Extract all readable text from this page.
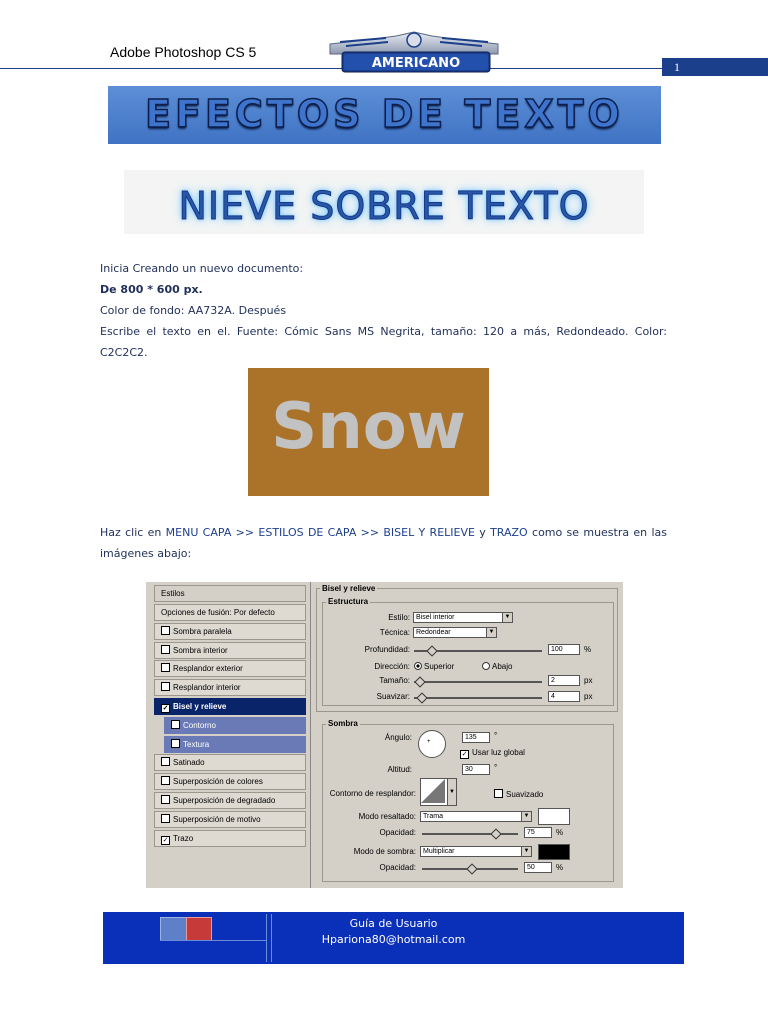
Adobe Photoshop CS 5
1
AMERICANO
EFECTOS DE TEXTO
NIEVE SOBRE TEXTO
Inicia Creando un nuevo documento:
De 800 * 600 px.
Color de fondo: AA732A. Después
Escribe el texto en el. Fuente: Cómic Sans MS Negrita, tamaño: 120 a más, Redondeado. Color: C2C2C2.
Snow
Haz clic en MENU CAPA >> ESTILOS DE CAPA >> BISEL Y RELIEVE y TRAZO como se muestra en las imágenes abajo:
Estilos
Opciones de fusión: Por defecto
Sombra paralela
Sombra interior
Resplandor exterior
Resplandor interior
✓ Bisel y relieve
Contorno
Textura
Satinado
Superposición de colores
Superposición de degradado
Superposición de motivo
✓ Trazo
Bisel y relieve
Estructura
Estilo: Bisel interior	▼
Técnica: Redondear	▼
Profundidad:	100	%
Dirección:	Superior	Abajo
Tamaño:	2	px
Suavizar:	4	px
Sombra
Ángulo:	+
135	°
✓ Usar luz global
Altitud:	30	°
Contorno de resplandor:	▼	Suavizado
Modo resaltado:	Trama	▼
Opacidad:	75	%
Modo de sombra:	Multiplicar	▼
Opacidad:	50	%
Guía de Usuario
Hpariona80@hotmail.com
